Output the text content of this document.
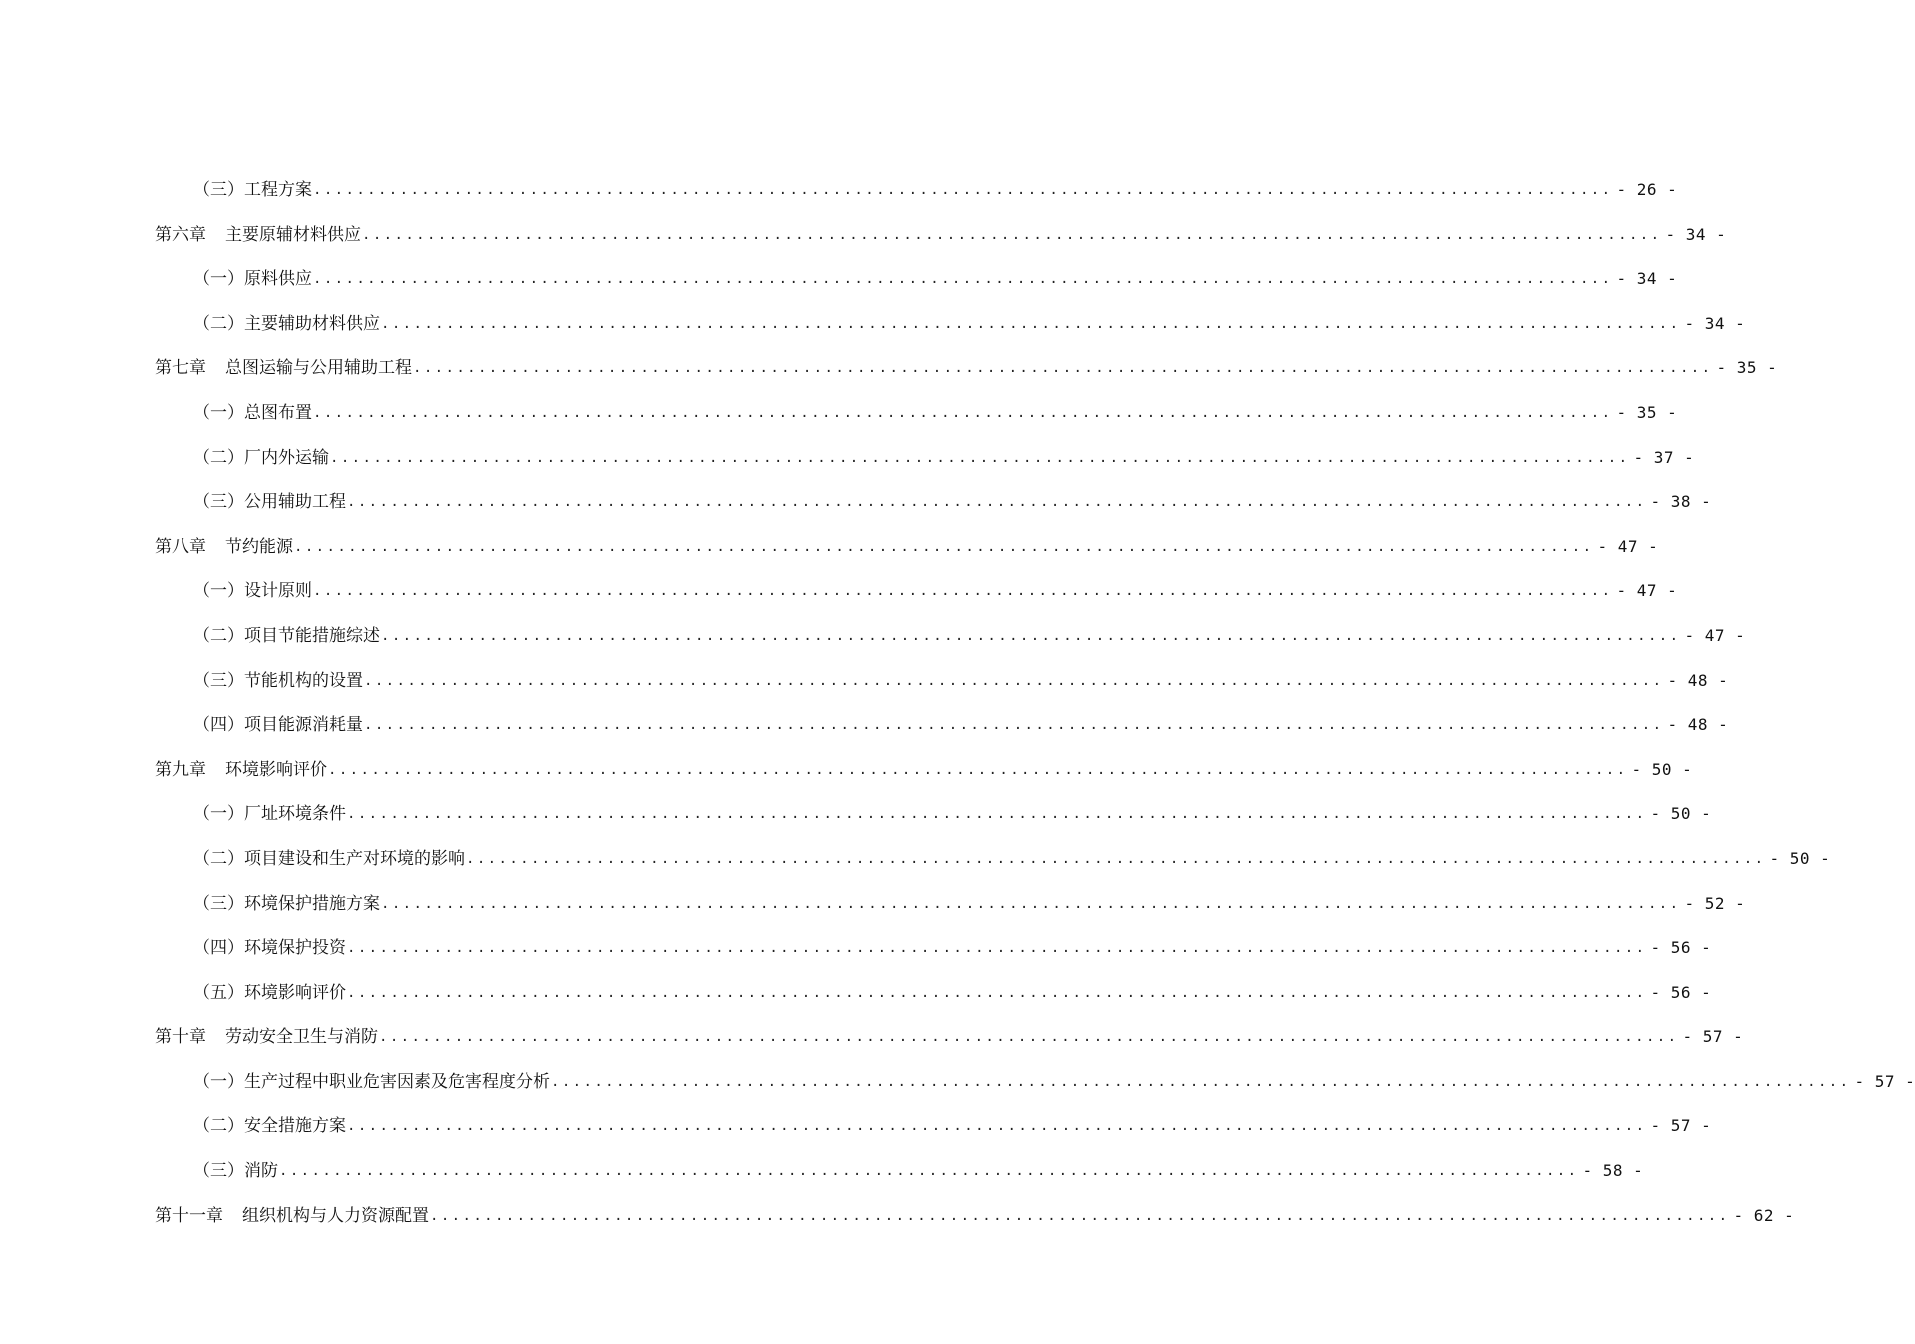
（三） 工程方案 ........................................................................................................................ - 26 -
第六章 主要原辅材料供应 ........................................................................................................................ - 34 -
（一） 原料供应 ........................................................................................................................ - 34 -
（二） 主要辅助材料供应 ........................................................................................................................ - 34 -
第七章 总图运输与公用辅助工程 ........................................................................................................................ - 35 -
（一） 总图布置 ........................................................................................................................ - 35 -
（二） 厂内外运输 ........................................................................................................................ - 37 -
（三） 公用辅助工程 ........................................................................................................................ - 38 -
第八章 节约能源 ........................................................................................................................ - 47 -
（一） 设计原则 ........................................................................................................................ - 47 -
（二） 项目节能措施综述 ........................................................................................................................ - 47 -
（三） 节能机构的设置 ........................................................................................................................ - 48 -
（四） 项目能源消耗量 ........................................................................................................................ - 48 -
第九章 环境影响评价 ........................................................................................................................ - 50 -
（一） 厂址环境条件 ........................................................................................................................ - 50 -
（二） 项目建设和生产对环境的影响 ........................................................................................................................ - 50 -
（三） 环境保护措施方案 ........................................................................................................................ - 52 -
（四） 环境保护投资 ........................................................................................................................ - 56 -
（五） 环境影响评价 ........................................................................................................................ - 56 -
第十章 劳动安全卫生与消防 ........................................................................................................................ - 57 -
（一） 生产过程中职业危害因素及危害程度分析 ........................................................................................................................ - 57 -
（二） 安全措施方案 ........................................................................................................................ - 57 -
（三） 消防 ........................................................................................................................ - 58 -
第十一章 组织机构与人力资源配置 ........................................................................................................................ - 62 -
